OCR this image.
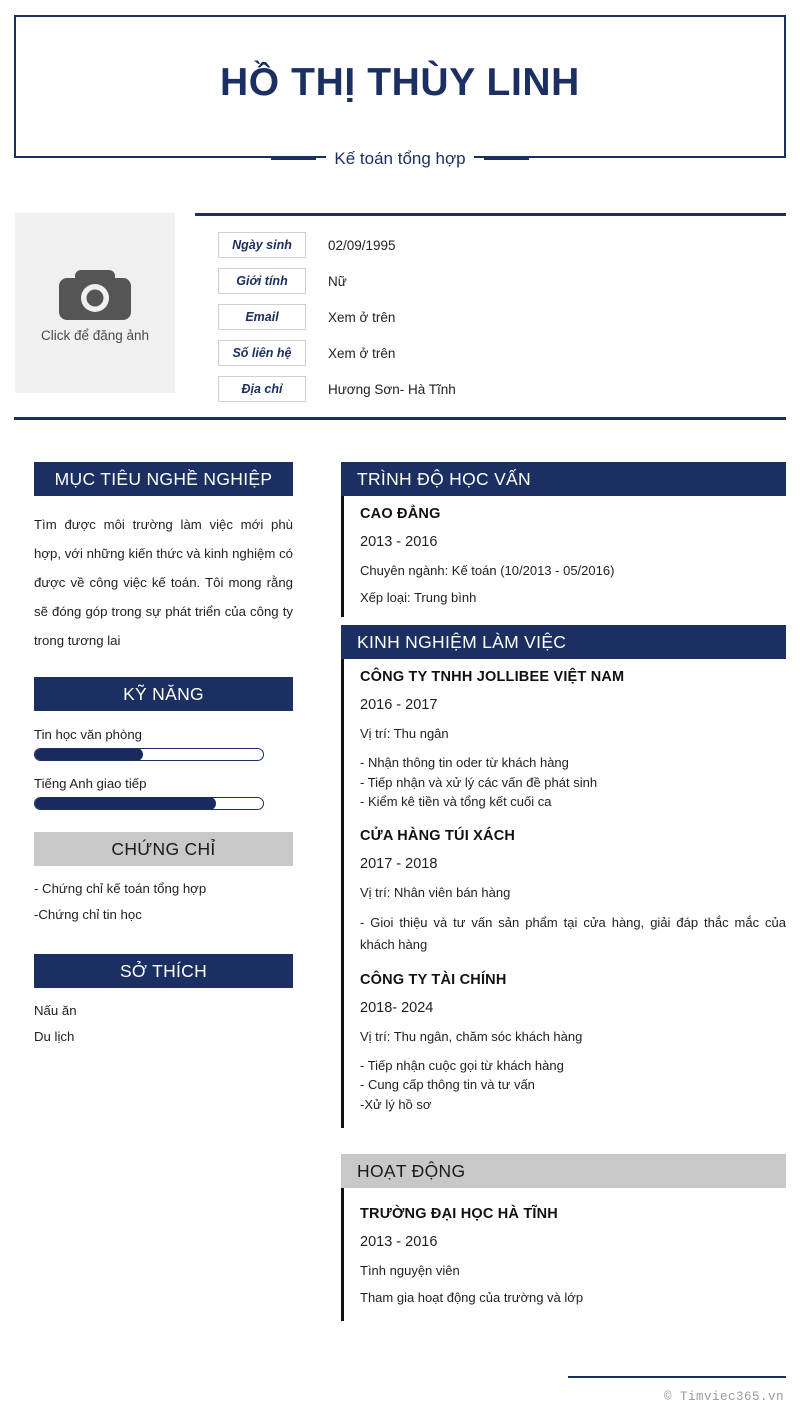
HỒ THỊ THÙY LINH
Kế toán tổng hợp
Click để đăng ảnh
Ngày sinh	02/09/1995
Giới tính	Nữ
Email	Xem ở trên
Số liên hệ	Xem ở trên
Địa chỉ	Hương Sơn- Hà Tĩnh
MỤC TIÊU NGHỀ NGHIỆP
Tìm được môi trường làm việc mới phù hợp, với những kiến thức và kinh nghiệm có được về công việc kế toán. Tôi mong rằng sẽ đóng góp trong sự phát triển của công ty trong tương lai
KỸ NĂNG
Tin học văn phòng
Tiếng Anh giao tiếp
CHỨNG CHỈ
- Chứng chỉ kế toán tổng hợp
-Chứng chỉ tin học
SỞ THÍCH
Nấu ăn
Du lịch
TRÌNH ĐỘ HỌC VẤN
CAO ĐẲNG
2013 - 2016
Chuyên ngành: Kế toán (10/2013 - 05/2016)
Xếp loại: Trung bình
KINH NGHIỆM LÀM VIỆC
CÔNG TY TNHH JOLLIBEE VIỆT NAM
2016 - 2017
Vị trí: Thu ngân
- Nhận thông tin oder từ khách hàng
- Tiếp nhận và xử lý các vấn đề phát sinh
- Kiểm kê tiền và tổng kết cuối ca
CỬA HÀNG TÚI XÁCH
2017 - 2018
Vị trí: Nhân viên bán hàng
- Gioi thiệu và tư vấn sản phẩm tại cửa hàng, giải đáp thắc mắc của khách hàng
CÔNG TY TÀI CHÍNH
2018- 2024
Vị trí: Thu ngân, chăm sóc khách hàng
- Tiếp nhận cuộc gọi từ khách hàng
- Cung cấp thông tin và tư vấn
-Xử lý hồ sơ
HOẠT ĐỘNG
TRƯỜNG ĐẠI HỌC HÀ TĨNH
2013 - 2016
Tình nguyện viên
Tham gia hoạt động của trường và lớp
© Timviec365.vn
